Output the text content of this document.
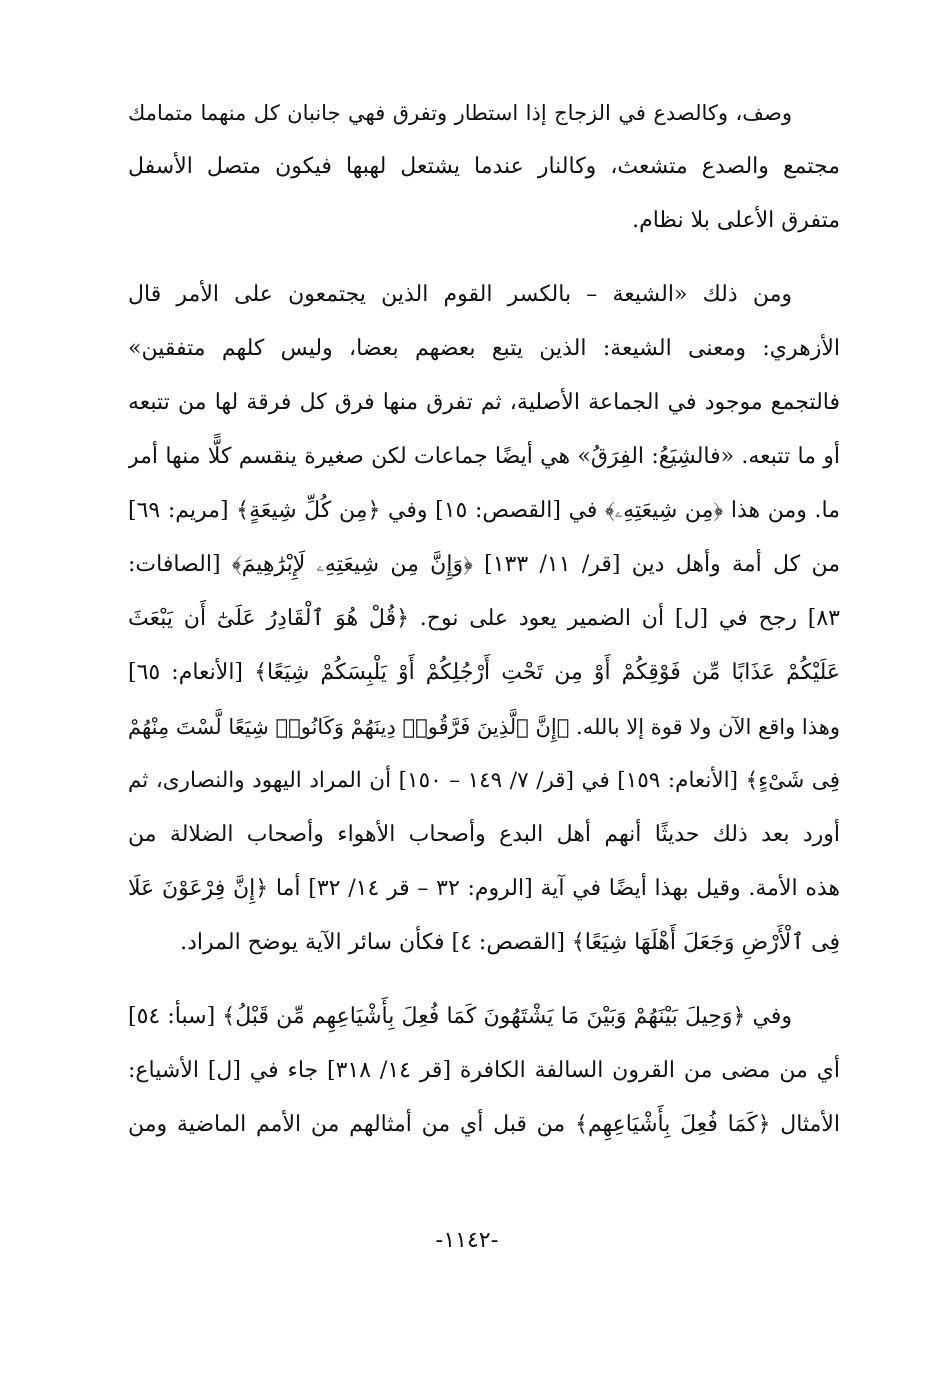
وصف، وكالصدع في الزجاج إذا استطار وتفرق فهي جانبان كل منهما متمامك
مجتمع والصدع متشعث، وكالنار عندما يشتعل لهبها فيكون متصل الأسفل
متفرق الأعلى بلا نظام.
ومن ذلك «الشيعة – بالكسر القوم الذين يجتمعون على الأمر قال
الأزهري: ومعنى الشيعة: الذين يتبع بعضهم بعضا، وليس كلهم متفقين»
فالتجمع موجود في الجماعة الأصلية، ثم تفرق منها فرق كل فرقة لها من تتبعه
أو ما تتبعه. «فالشِيَعُ: الفِرَقُ» هي أيضًا جماعات لكن صغيرة ينقسم كلًّا منها أمر
ما. ومن هذا ﴿مِن شِيعَتِهِۦ﴾ في [القصص: ١٥] وفي ﴿مِن كُلِّ شِيعَةٍ﴾ [مريم: ٦٩]
من كل أمة وأهل دين [قر/ ١١/ ١٣٣] ﴿وَإِنَّ مِن شِيعَتِهِۦ لَإِبْرَٰهِيمَ﴾ [الصافات:
٨٣] رجح في [ل] أن الضمير يعود على نوح. ﴿قُلْ هُوَ ٱلْقَادِرُ عَلَىٰٓ أَن يَبْعَثَ
عَلَيْكُمْ عَذَابًا مِّن فَوْقِكُمْ أَوْ مِن تَحْتِ أَرْجُلِكُمْ أَوْ يَلْبِسَكُمْ شِيَعًا﴾ [الأنعام: ٦٥]
وهذا واقع الآن ولا قوة إلا بالله. ﴿إِنَّ ٱلَّذِينَ فَرَّقُوا۟ دِينَهُمْ وَكَانُوا۟ شِيَعًا لَّسْتَ مِنْهُمْ
فِى شَىْءٍ﴾ [الأنعام: ١٥٩] في [قر/ ٧/ ١٤٩ – ١٥٠] أن المراد اليهود والنصارى، ثم
أورد بعد ذلك حديثًا أنهم أهل البدع وأصحاب الأهواء وأصحاب الضلالة من
هذه الأمة. وقيل بهذا أيضًا في آية [الروم: ٣٢ – قر ١٤/ ٣٢] أما ﴿إِنَّ فِرْعَوْنَ عَلَا
فِى ٱلْأَرْضِ وَجَعَلَ أَهْلَهَا شِيَعًا﴾ [القصص: ٤] فكأن سائر الآية يوضح المراد.
وفي ﴿وَحِيلَ بَيْنَهُمْ وَبَيْنَ مَا يَشْتَهُونَ كَمَا فُعِلَ بِأَشْيَاعِهِم مِّن قَبْلُ﴾ [سبأ: ٥٤]
أي من مضى من القرون السالفة الكافرة [قر ١٤/ ٣١٨] جاء في [ل] الأشياع:
الأمثال ﴿كَمَا فُعِلَ بِأَشْيَاعِهِم﴾ من قبل أي من أمثالهم من الأمم الماضية ومن
-١١٤٢-
